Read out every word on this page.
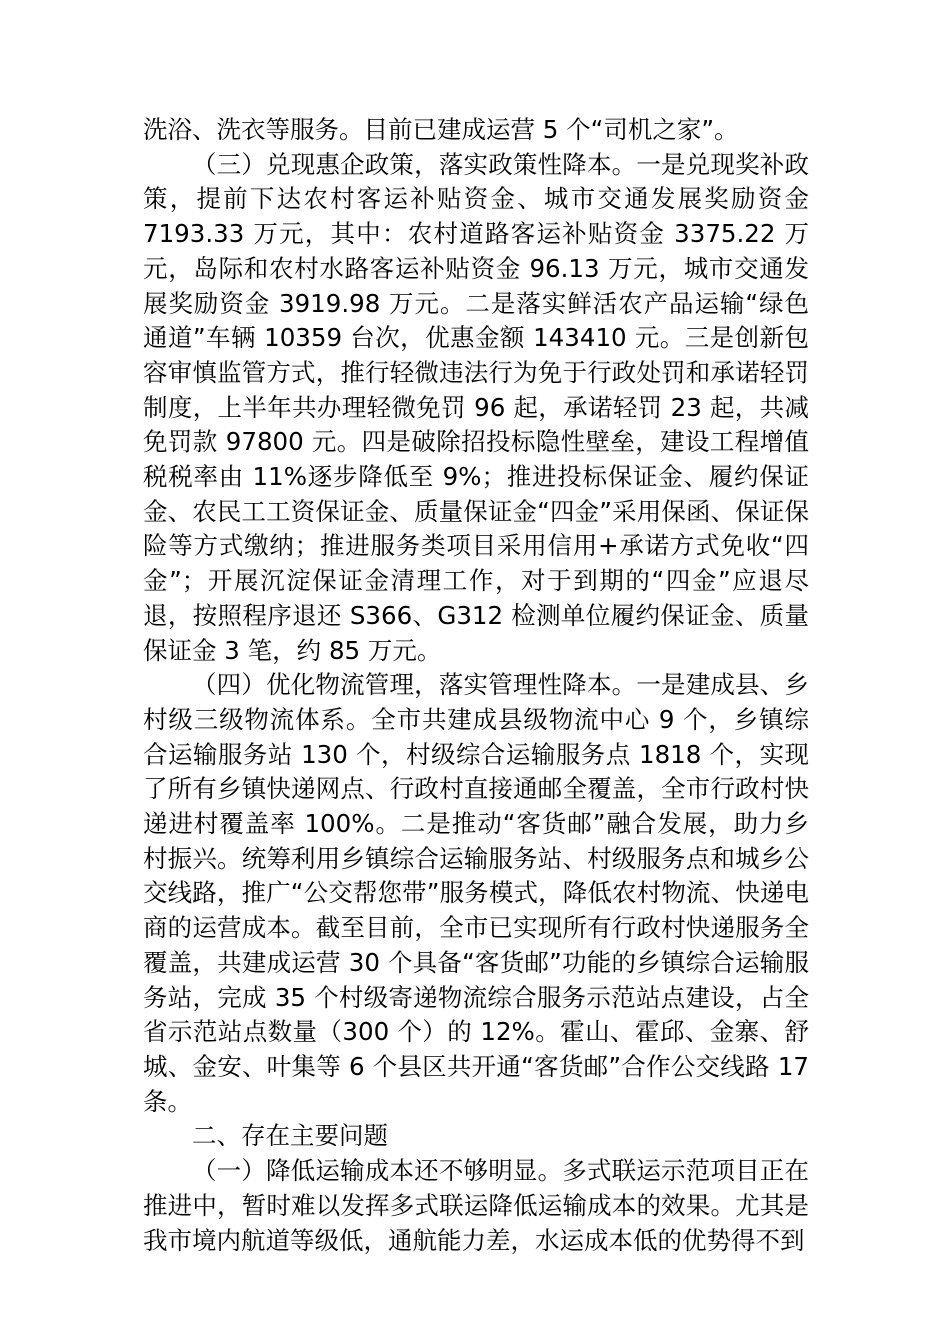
洗浴、洗衣等服务。目前已建成运营 5 个“司机之家”。

（三）兑现惠企政策，落实政策性降本。一是兑现奖补政策，提前下达农村客运补贴资金、城市交通发展奖励资金 7193.33 万元，其中：农村道路客运补贴资金 3375.22 万元，岛际和农村水路客运补贴资金 96.13 万元，城市交通发展奖励资金 3919.98 万元。二是落实鲜活农产品运输“绿色通道”车辆 10359 台次，优惠金额 143410 元。三是创新包容审慎监管方式，推行轻微违法行为免于行政处罚和承诺轻罚制度，上半年共办理轻微免罚 96 起，承诺轻罚 23 起，共减免罚款 97800 元。四是破除招投标隐性壁垒，建设工程增值税税率由 11%逐步降低至 9%；推进投标保证金、履约保证金、农民工工资保证金、质量保证金“四金”采用保函、保证保险等方式缴纳；推进服务类项目采用信用+承诺方式免收“四金”；开展沉淀保证金清理工作，对于到期的“四金”应退尽退，按照程序退还 S366、G312 检测单位履约保证金、质量保证金 3 笔，约 85 万元。

（四）优化物流管理，落实管理性降本。一是建成县、乡村级三级物流体系。全市共建成县级物流中心 9 个，乡镇综合运输服务站 130 个，村级综合运输服务点 1818 个，实现了所有乡镇快递网点、行政村直接通邮全覆盖，全市行政村快递进村覆盖率 100%。二是推动“客货邮”融合发展，助力乡村振兴。统筹利用乡镇综合运输服务站、村级服务点和城乡公交线路，推广“公交帮您带”服务模式，降低农村物流、快递电商的运营成本。截至目前，全市已实现所有行政村快递服务全覆盖，共建成运营 30 个具备“客货邮”功能的乡镇综合运输服务站，完成 35 个村级寄递物流综合服务示范站点建设，占全省示范站点数量（300 个）的 12%。霍山、霍邱、金寨、舒城、金安、叶集等 6 个县区共开通“客货邮”合作公交线路 17 条。

二、存在主要问题

（一）降低运输成本还不够明显。多式联运示范项目正在推进中，暂时难以发挥多式联运降低运输成本的效果。尤其是我市境内航道等级低，通航能力差，水运成本低的优势得不到
